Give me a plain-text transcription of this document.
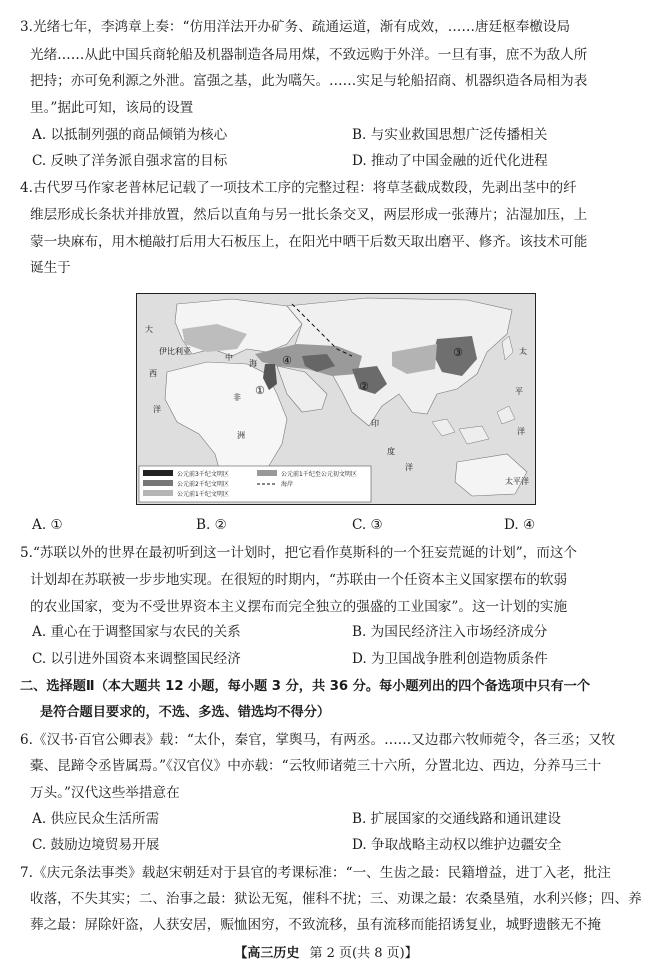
3.光绪七年，李鸿章上奏：“仿用洋法开办矿务、疏通运道，渐有成效，……唐廷枢奉檄设局
光绪……从此中国兵商轮船及机器制造各局用煤，不致远购于外洋。一旦有事，庶不为敌人所
把持；亦可免利源之外泄。富强之基，此为嚆矢。……实足与轮船招商、机器织造各局相为表
里。”据此可知，该局的设置
A. 以抵制列强的商品倾销为核心	B. 与实业救国思想广泛传播相关
C. 反映了洋务派自强求富的目标	D. 推动了中国金融的近代化进程
4.古代罗马作家老普林尼记载了一项技术工序的完整过程：将草茎截成数段，先剥出茎中的纤
维层形成长条状并排放置，然后以直角与另一批长条交叉，两层形成一张薄片；沾湿加压，上
蒙一块麻布，用木槌敲打后用大石板压上，在阳光中晒干后数天取出磨平、修齐。该技术可能
诞生于
大
西
洋
伊比利亚
中
海
非
洲
印
度
洋
太
平
洋
太平洋
①	②
③
④
公元前3千纪文明区
公元前2千纪文明区
公元前1千纪文明区
公元前1千纪至公元初文明区
海岸
A. ①	B. ②	C. ③	D. ④
5.“苏联以外的世界在最初听到这一计划时，把它看作莫斯科的一个狂妄荒诞的计划”，而这个
计划却在苏联被一步步地实现。在很短的时期内，“苏联由一个任资本主义国家摆布的软弱
的农业国家，变为不受世界资本主义摆布而完全独立的强盛的工业国家”。这一计划的实施
A. 重心在于调整国家与农民的关系	B. 为国民经济注入市场经济成分
C. 以引进外国资本来调整国民经济	D. 为卫国战争胜利创造物质条件
二、选择题Ⅱ（本大题共 12 小题，每小题 3 分，共 36 分。每小题列出的四个备选项中只有一个
是符合题目要求的，不选、多选、错选均不得分）
6.《汉书·百官公卿表》载：“太仆，秦官，掌舆马，有两丞。……又边郡六牧师菀令，各三丞；又牧
橐、昆蹄令丞皆属焉。”《汉官仪》中亦载：“云牧师诸菀三十六所，分置北边、西边，分养马三十
万头。”汉代这些举措意在
A. 供应民众生活所需	B. 扩展国家的交通线路和通讯建设
C. 鼓励边境贸易开展	D. 争取战略主动权以维护边疆安全
7.《庆元条法事类》载赵宋朝廷对于县官的考课标准：“一、生齿之最：民籍增益，进丁入老，批注
收落，不失其实；二、治事之最：狱讼无冤，催科不扰；三、劝课之最：农桑垦殖，水利兴修；四、养
葬之最：屏除奸盗，人获安居，赈恤困穷，不致流移，虽有流移而能招诱复业，城野遗骸无不掩
【高三历史 第 2 页(共 8 页)】
